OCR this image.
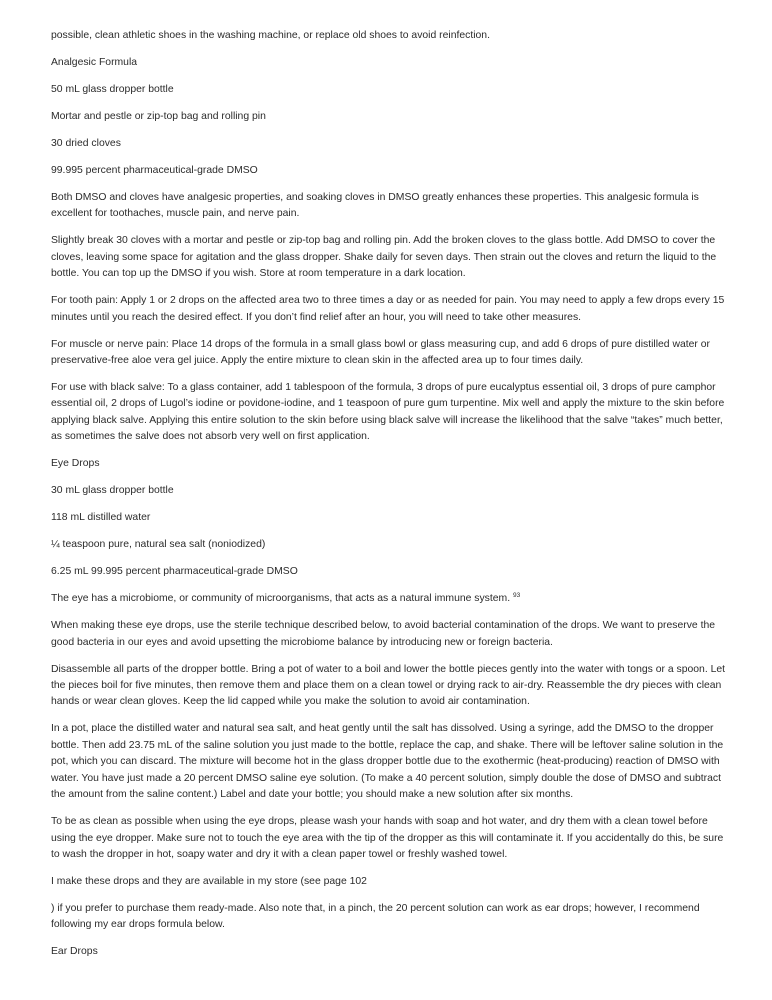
possible, clean athletic shoes in the washing machine, or replace old shoes to avoid reinfection.

Analgesic Formula

50 mL glass dropper bottle

Mortar and pestle or zip-top bag and rolling pin

30 dried cloves

99.995 percent pharmaceutical-grade DMSO

Both DMSO and cloves have analgesic properties, and soaking cloves in DMSO greatly enhances these properties. This analgesic formula is excellent for toothaches, muscle pain, and nerve pain.

Slightly break 30 cloves with a mortar and pestle or zip-top bag and rolling pin. Add the broken cloves to the glass bottle. Add DMSO to cover the cloves, leaving some space for agitation and the glass dropper. Shake daily for seven days. Then strain out the cloves and return the liquid to the bottle. You can top up the DMSO if you wish. Store at room temperature in a dark location.

For tooth pain: Apply 1 or 2 drops on the affected area two to three times a day or as needed for pain. You may need to apply a few drops every 15 minutes until you reach the desired effect. If you don’t find relief after an hour, you will need to take other measures.

For muscle or nerve pain: Place 14 drops of the formula in a small glass bowl or glass measuring cup, and add 6 drops of pure distilled water or preservative-free aloe vera gel juice. Apply the entire mixture to clean skin in the affected area up to four times daily.

For use with black salve: To a glass container, add 1 tablespoon of the formula, 3 drops of pure eucalyptus essential oil, 3 drops of pure camphor essential oil, 2 drops of Lugol’s iodine or povidone-iodine, and 1 teaspoon of pure gum turpentine. Mix well and apply the mixture to the skin before applying black salve. Applying this entire solution to the skin before using black salve will increase the likelihood that the salve “takes” much better, as sometimes the salve does not absorb very well on first application.

Eye Drops

30 mL glass dropper bottle

118 mL distilled water

¼ teaspoon pure, natural sea salt (noniodized)

6.25 mL 99.995 percent pharmaceutical-grade DMSO

The eye has a microbiome, or community of microorganisms, that acts as a natural immune system. $^{93}$

When making these eye drops, use the sterile technique described below, to avoid bacterial contamination of the drops. We want to preserve the good bacteria in our eyes and avoid upsetting the microbiome balance by introducing new or foreign bacteria.

Disassemble all parts of the dropper bottle. Bring a pot of water to a boil and lower the bottle pieces gently into the water with tongs or a spoon. Let the pieces boil for five minutes, then remove them and place them on a clean towel or drying rack to air-dry. Reassemble the dry pieces with clean hands or wear clean gloves. Keep the lid capped while you make the solution to avoid air contamination.

In a pot, place the distilled water and natural sea salt, and heat gently until the salt has dissolved. Using a syringe, add the DMSO to the dropper bottle. Then add 23.75 mL of the saline solution you just made to the bottle, replace the cap, and shake. There will be leftover saline solution in the pot, which you can discard. The mixture will become hot in the glass dropper bottle due to the exothermic (heat-producing) reaction of DMSO with water. You have just made a 20 percent DMSO saline eye solution. (To make a 40 percent solution, simply double the dose of DMSO and subtract the amount from the saline content.) Label and date your bottle; you should make a new solution after six months.

To be as clean as possible when using the eye drops, please wash your hands with soap and hot water, and dry them with a clean towel before using the eye dropper. Make sure not to touch the eye area with the tip of the dropper as this will contaminate it. If you accidentally do this, be sure to wash the dropper in hot, soapy water and dry it with a clean paper towel or freshly washed towel.

I make these drops and they are available in my store (see page 102

) if you prefer to purchase them ready-made. Also note that, in a pinch, the 20 percent solution can work as ear drops; however, I recommend following my ear drops formula below.

Ear Drops
